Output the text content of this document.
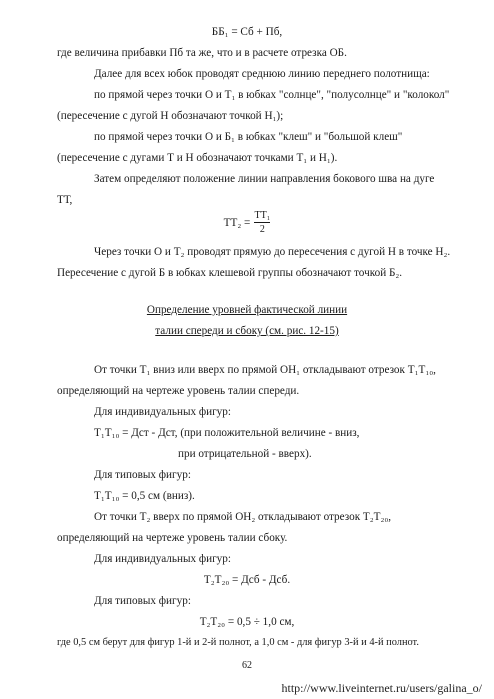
ББ₁ = Сб + Пб,
где величина прибавки Пб та же, что и в расчете отрезка ОБ.
Далее для всех юбок проводят среднюю линию переднего полотнища:
по прямой через точки О и Т₁ в юбках "солнце", "полусолнце" и "колокол"
(пересечение с дугой Н обозначают точкой Н₁);
по прямой через точки О и Б₁ в юбках "клеш" и "большой клеш"
(пересечение с дугами Т и Н обозначают точками Т₁ и Н₁).
Затем определяют положение линии направления бокового шва на дуге
ТТ,
$ТТ_2 = \frac{\text{ТТ₁}}{2}$
Через точки О и Т₂ проводят прямую до пересечения с дугой Н в точке Н₂.
Пересечение с дугой Б в юбках клешевой группы обозначают точкой Б₂.
Определение уровней фактической линии
талии спереди и сбоку (см. рис. 12-15)
От точки Т₁ вниз или вверх по прямой ОН₁ откладывают отрезок Т₁Т₁₀,
определяющий на чертеже уровень талии спереди.
Для индивидуальных фигур:
Т₁Т₁₀ = Дст - Дст, (при положительной величине - вниз,
при отрицательной - вверх).
Для типовых фигур:
Т₁Т₁₀ = 0,5 см (вниз).
От точки Т₂ вверх по прямой ОН₂ откладывают отрезок Т₂Т₂₀,
определяющий на чертеже уровень талии сбоку.
Для индивидуальных фигур:
Т₂Т₂₀ = Дсб - Дсб.
Для типовых фигур:
Т₂Т₂₀ = 0,5 ÷ 1,0 см,
где 0,5 см берут для фигур 1-й и 2-й полнот, а 1,0 см - для фигур 3-й и 4-й полнот.
62
http://www.liveinternet.ru/users/galina_o/
